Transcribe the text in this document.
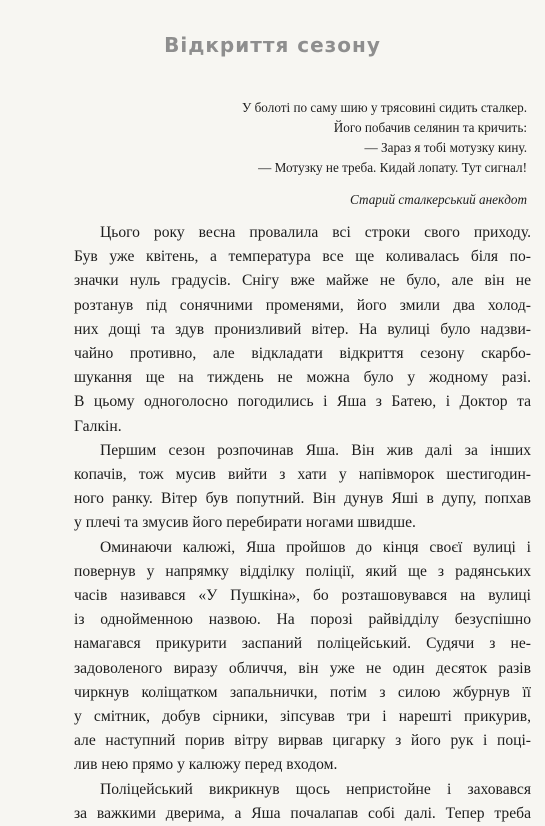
Відкриття сезону
У болоті по саму шию у трясовині сидить сталкер.
Його побачив селянин та кричить:
— Зараз я тобі мотузку кину.
— Мотузку не треба. Кидай лопату. Тут сигнал!
Старий сталкерський анекдот

Цього року весна провалила всі строки свого приходу.
Був уже квітень, а температура все ще коливалась біля по-
значки нуль градусів. Снігу вже майже не було, але він не
розтанув під сонячними променями, його змили два холод-
них дощі та здув пронизливий вітер. На вулиці було надзви-
чайно противно, але відкладати відкриття сезону скарбо-
шукання ще на тиждень не можна було у жодному разі.
В цьому одноголосно погодились і Яша з Батею, і Доктор та
Галкін.

Першим сезон розпочинав Яша. Він жив далі за інших
копачів, тож мусив вийти з хати у напівморок шестигодин-
ного ранку. Вітер був попутний. Він дунув Яші в дупу, попхав
у плечі та змусив його перебирати ногами швидше.

Оминаючи калюжі, Яша пройшов до кінця своєї вулиці і
повернув у напрямку відділку поліції, який ще з радянських
часів називався «У Пушкіна», бо розташовувався на вулиці
із однойменною назвою. На порозі райвідділу безуспішно
намагався прикурити заспаний поліцейський. Судячи з не-
задоволеного виразу обличчя, він уже не один десяток разів
чиркнув коліщатком запальнички, потім з силою жбурнув її
у смітник, добув сірники, зіпсував три і нарешті прикурив,
але наступний порив вітру вирвав цигарку з його рук і поці-
лив нею прямо у калюжу перед входом.

Поліцейський викрикнув щось непристойне і заховався
за важкими дверима, а Яша почалапав собі далі. Тепер треба
